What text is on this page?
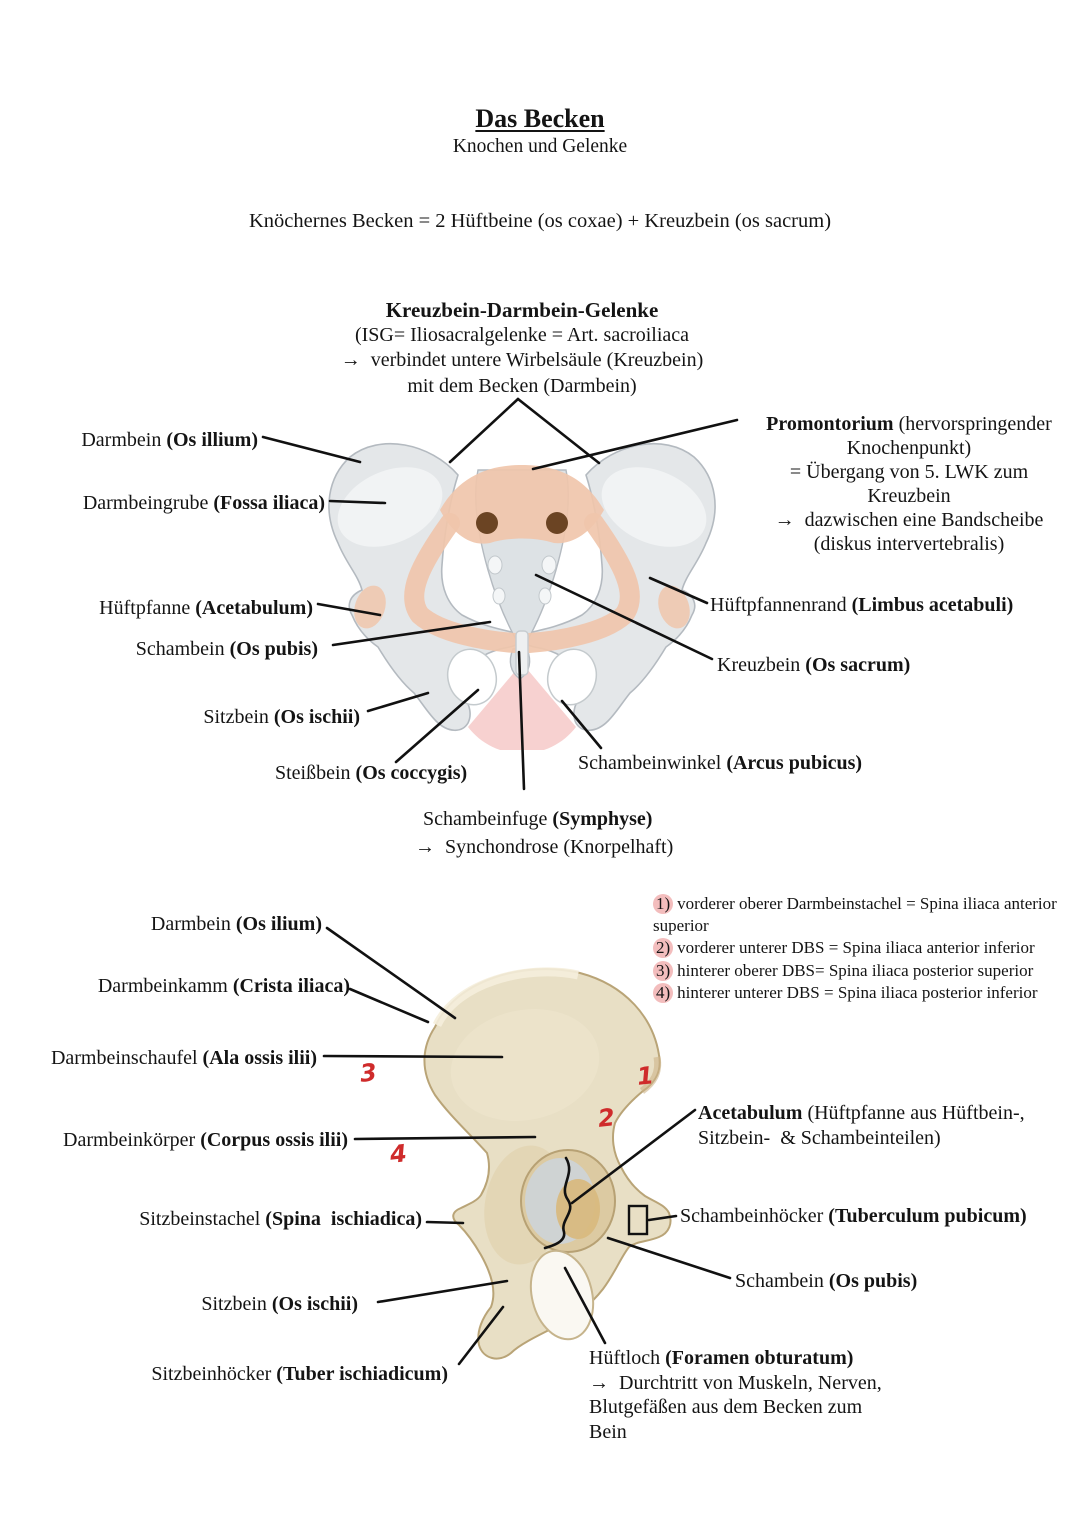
Das Becken
Knochen und Gelenke
Knöchernes Becken = 2 Hüftbeine (os coxae) + Kreuzbein (os sacrum)
Kreuzbein-Darmbein-Gelenke
(ISG= Iliosacralgelenke = Art. sacroiliaca
→  verbindet untere Wirbelsäule (Kreuzbein)
mit dem Becken (Darmbein)
Darmbein (Os illium)
Darmbeingrube (Fossa iliaca)
Hüftpfanne (Acetabulum)
Schambein (Os pubis)
Sitzbein (Os ischii)
Promontorium (hervorspringender
Knochenpunkt)
= Übergang von 5. LWK zum
Kreuzbein
→  dazwischen eine Bandscheibe
(diskus intervertebralis)
Hüftpfannenrand (Limbus acetabuli)
Kreuzbein (Os sacrum)
Steißbein (Os coccygis)	Schambeinwinkel (Arcus pubicus)
Schambeinfuge (Symphyse)
→  Synchondrose (Knorpelhaft)
1) vorderer oberer Darmbeinstachel = Spina iliaca anterior superior
2) vorderer unterer DBS = Spina iliaca anterior inferior
3) hinterer oberer DBS= Spina iliaca posterior superior
4) hinterer unterer DBS = Spina iliaca posterior inferior
Darmbein (Os ilium)
Darmbeinkamm (Crista iliaca)
Darmbeinschaufel (Ala ossis ilii)
Darmbeinkörper (Corpus ossis ilii)
Sitzbeinstachel (Spina  ischiadica)
Sitzbein (Os ischii)
Sitzbeinhöcker (Tuber ischiadicum)
Acetabulum (Hüftpfanne aus Hüftbein-,
Sitzbein-  & Schambeinteilen)
Schambeinhöcker (Tuberculum pubicum)
Schambein (Os pubis)
Hüftloch (Foramen obturatum)
→  Durchtritt von Muskeln, Nerven,
Blutgefäßen aus dem Becken zum
Bein
1
2
3
4
